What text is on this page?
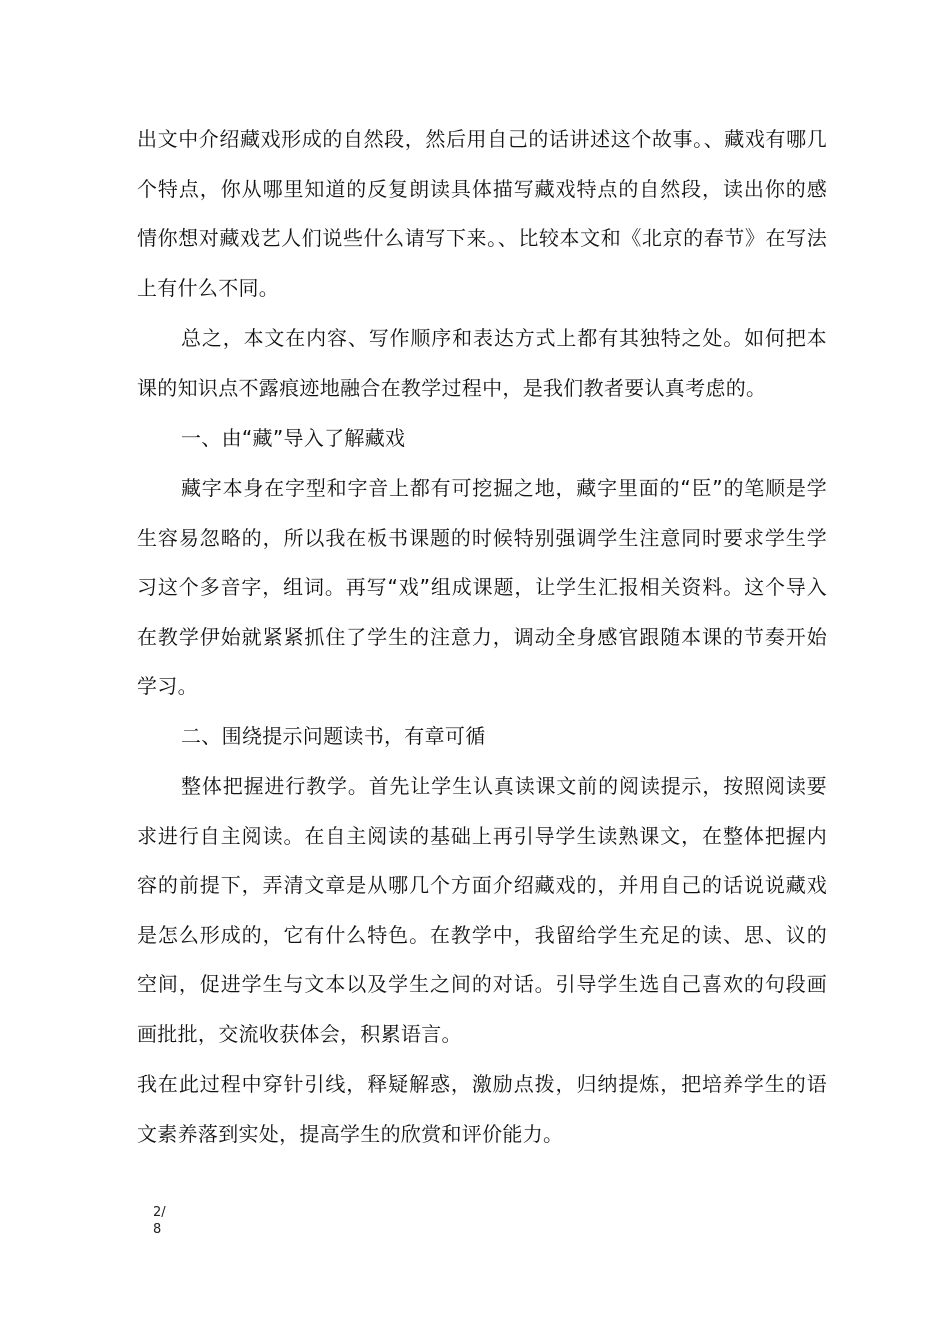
出文中介绍藏戏形成的自然段，然后用自己的话讲述这个故事。、藏戏有哪几个特点，你从哪里知道的反复朗读具体描写藏戏特点的自然段，读出你的感情你想对藏戏艺人们说些什么请写下来。、比较本文和《北京的春节》在写法上有什么不同。

总之，本文在内容、写作顺序和表达方式上都有其独特之处。如何把本课的知识点不露痕迹地融合在教学过程中，是我们教者要认真考虑的。

一、由“藏”导入了解藏戏

藏字本身在字型和字音上都有可挖掘之地，藏字里面的“臣”的笔顺是学生容易忽略的，所以我在板书课题的时候特别强调学生注意同时要求学生学习这个多音字，组词。再写“戏”组成课题，让学生汇报相关资料。这个导入在教学伊始就紧紧抓住了学生的注意力，调动全身感官跟随本课的节奏开始学习。

二、围绕提示问题读书，有章可循

整体把握进行教学。首先让学生认真读课文前的阅读提示，按照阅读要求进行自主阅读。在自主阅读的基础上再引导学生读熟课文，在整体把握内容的前提下，弄清文章是从哪几个方面介绍藏戏的，并用自己的话说说藏戏是怎么形成的，它有什么特色。在教学中，我留给学生充足的读、思、议的空间，促进学生与文本以及学生之间的对话。引导学生选自己喜欢的句段画画批批，交流收获体会，积累语言。

我在此过程中穿针引线，释疑解惑，激励点拨，归纳提炼，把培养学生的语文素养落到实处，提高学生的欣赏和评价能力。

2/
8
